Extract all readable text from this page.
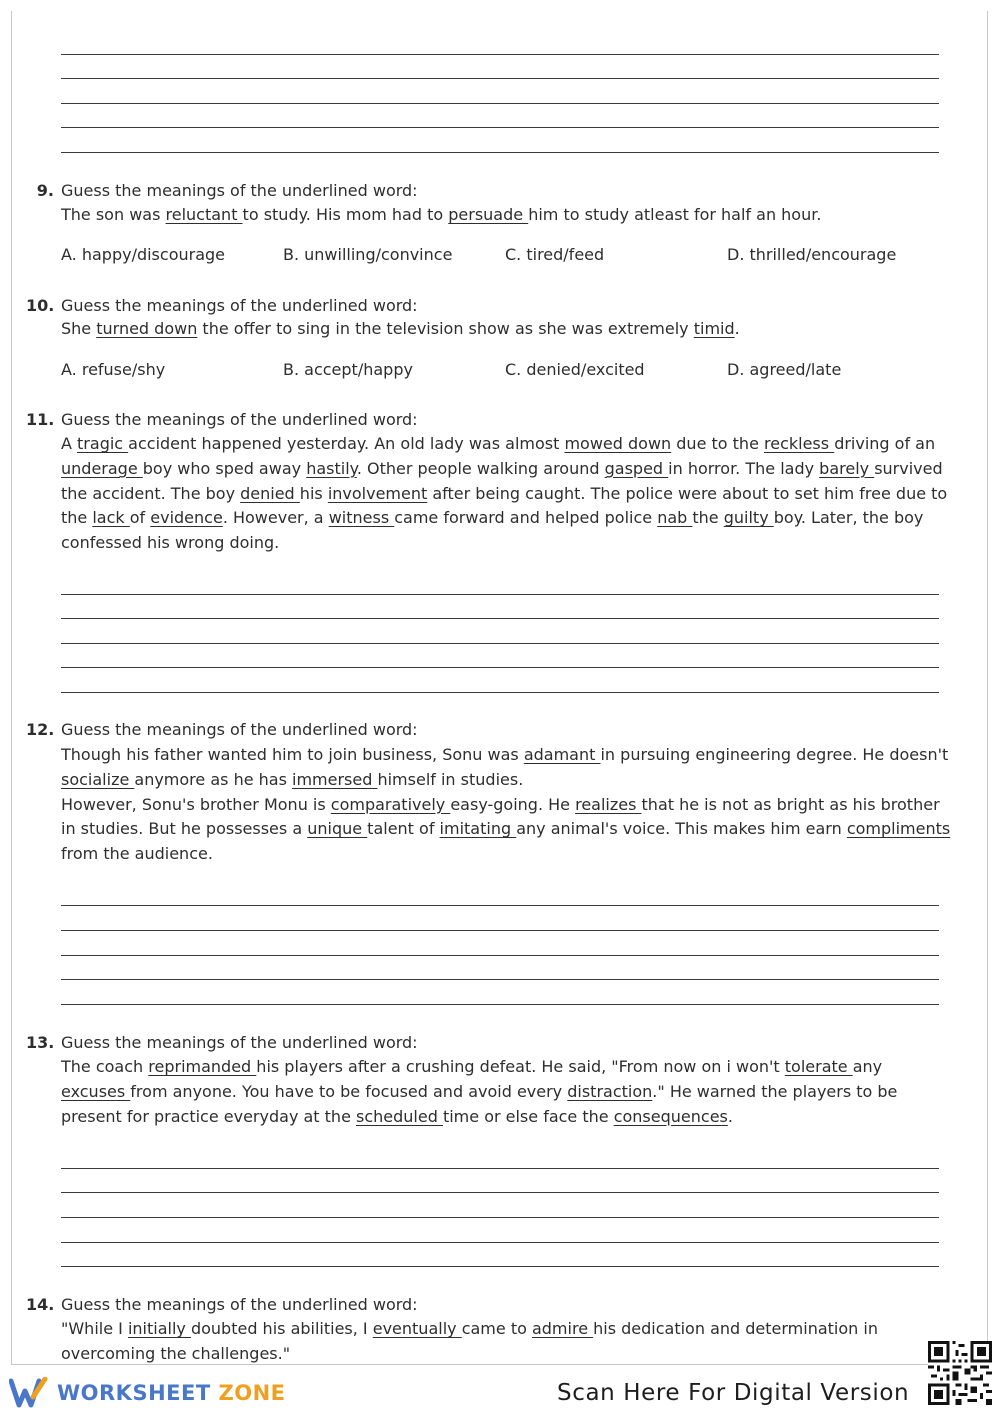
9. Guess the meanings of the underlined word:

The son was reluctant to study. His mom had to persuade him to study atleast for half an hour.

A. happy/discourage	B. unwilling/convince	C. tired/feed	D. thrilled/encourage
10. Guess the meanings of the underlined word:

She turned down the offer to sing in the television show as she was extremely timid.

A. refuse/shy	B. accept/happy	C. denied/excited	D. agreed/late
11. Guess the meanings of the underlined word:

A tragic accident happened yesterday. An old lady was almost mowed down due to the reckless driving of an underage boy who sped away hastily. Other people walking around gasped in horror. The lady barely survived the accident. The boy denied his involvement after being caught. The police were about to set him free due to the lack of evidence. However, a witness came forward and helped police nab the guilty boy. Later, the boy confessed his wrong doing.

12. Guess the meanings of the underlined word:

Though his father wanted him to join business, Sonu was adamant in pursuing engineering degree. He doesn't socialize anymore as he has immersed himself in studies.
However, Sonu's brother Monu is comparatively easy-going. He realizes that he is not as bright as his brother in studies. But he possesses a unique talent of imitating any animal's voice. This makes him earn compliments from the audience.

13. Guess the meanings of the underlined word:

The coach reprimanded his players after a crushing defeat. He said, "From now on i won't tolerate any excuses from anyone. You have to be focused and avoid every distraction." He warned the players to be present for practice everyday at the scheduled time or else face the consequences.

14. Guess the meanings of the underlined word:

"While I initially doubted his abilities, I eventually came to admire his dedication and determination in overcoming the challenges."

WORKSHEET ZONE	Scan Here For Digital Version
